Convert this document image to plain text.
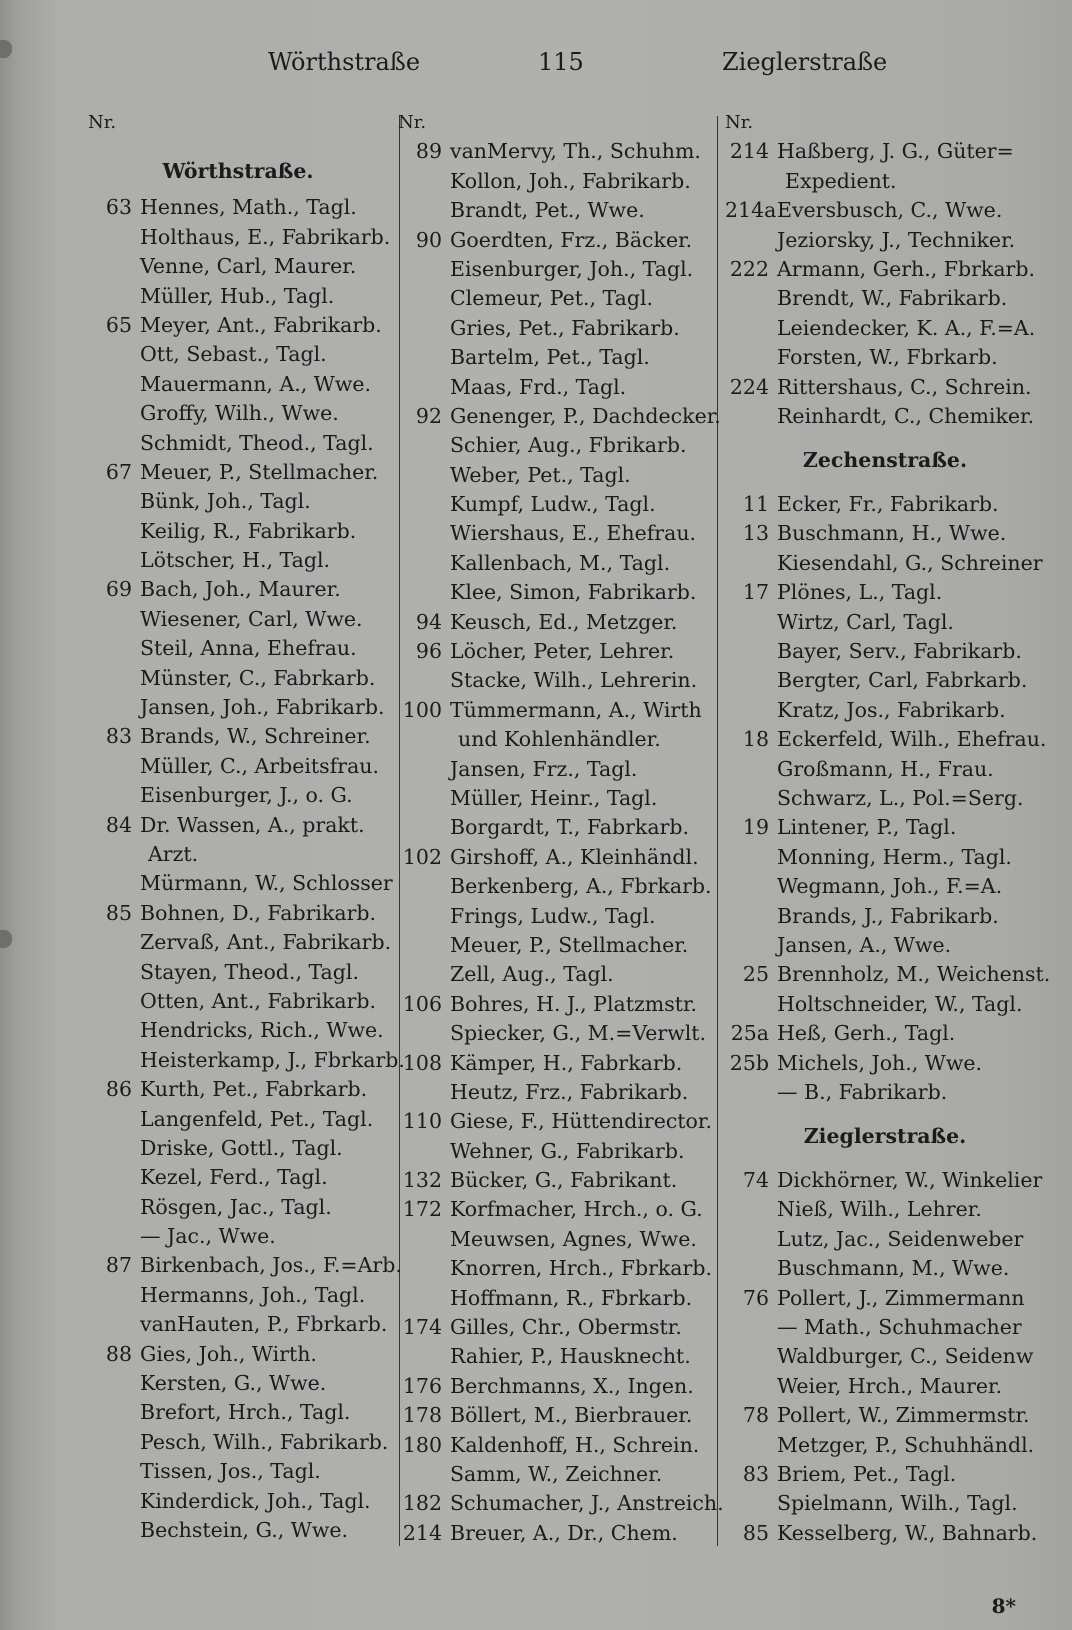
Wörthstraße	115	Zieglerstraße
Nr.
Wörthstraße.
63 Hennes, Math., Tagl.
Holthaus, E., Fabrikarb.
Venne, Carl, Maurer.
Müller, Hub., Tagl.
65 Meyer, Ant., Fabrikarb.
Ott, Sebast., Tagl.
Mauermann, A., Wwe.
Groffy, Wilh., Wwe.
Schmidt, Theod., Tagl.
67 Meuer, P., Stellmacher.
Bünk, Joh., Tagl.
Keilig, R., Fabrikarb.
Lötscher, H., Tagl.
69 Bach, Joh., Maurer.
Wiesener, Carl, Wwe.
Steil, Anna, Ehefrau.
Münster, C., Fabrkarb.
Jansen, Joh., Fabrikarb.
83 Brands, W., Schreiner.
Müller, C., Arbeitsfrau.
Eisenburger, J., o. G.
84 Dr. Wassen, A., prakt.
Arzt.
Mürmann, W., Schlosser
85 Bohnen, D., Fabrikarb.
Zervaß, Ant., Fabrikarb.
Stayen, Theod., Tagl.
Otten, Ant., Fabrikarb.
Hendricks, Rich., Wwe.
Heisterkamp, J., Fbrkarb.
86 Kurth, Pet., Fabrkarb.
Langenfeld, Pet., Tagl.
Driske, Gottl., Tagl.
Kezel, Ferd., Tagl.
Rösgen, Jac., Tagl.
— Jac., Wwe.
87 Birkenbach, Jos., F.=Arb.
Hermanns, Joh., Tagl.
vanHauten, P., Fbrkarb.
88 Gies, Joh., Wirth.
Kersten, G., Wwe.
Brefort, Hrch., Tagl.
Pesch, Wilh., Fabrikarb.
Tissen, Jos., Tagl.
Kinderdick, Joh., Tagl.
Bechstein, G., Wwe.
Nr.
89 vanMervy, Th., Schuhm.
Kollon, Joh., Fabrikarb.
Brandt, Pet., Wwe.
90 Goerdten, Frz., Bäcker.
Eisenburger, Joh., Tagl.
Clemeur, Pet., Tagl.
Gries, Pet., Fabrikarb.
Bartelm, Pet., Tagl.
Maas, Frd., Tagl.
92 Genenger, P., Dachdecker.
Schier, Aug., Fbrikarb.
Weber, Pet., Tagl.
Kumpf, Ludw., Tagl.
Wiershaus, E., Ehefrau.
Kallenbach, M., Tagl.
Klee, Simon, Fabrikarb.
94 Keusch, Ed., Metzger.
96 Löcher, Peter, Lehrer.
Stacke, Wilh., Lehrerin.
100 Tümmermann, A., Wirth
und Kohlenhändler.
Jansen, Frz., Tagl.
Müller, Heinr., Tagl.
Borgardt, T., Fabrkarb.
102 Girshoff, A., Kleinhändl.
Berkenberg, A., Fbrkarb.
Frings, Ludw., Tagl.
Meuer, P., Stellmacher.
Zell, Aug., Tagl.
106 Bohres, H. J., Platzmstr.
Spiecker, G., M.=Verwlt.
108 Kämper, H., Fabrkarb.
Heutz, Frz., Fabrikarb.
110 Giese, F., Hüttendirector.
Wehner, G., Fabrikarb.
132 Bücker, G., Fabrikant.
172 Korfmacher, Hrch., o. G.
Meuwsen, Agnes, Wwe.
Knorren, Hrch., Fbrkarb.
Hoffmann, R., Fbrkarb.
174 Gilles, Chr., Obermstr.
Rahier, P., Hausknecht.
176 Berchmanns, X., Ingen.
178 Böllert, M., Bierbrauer.
180 Kaldenhoff, H., Schrein.
Samm, W., Zeichner.
182 Schumacher, J., Anstreich.
214 Breuer, A., Dr., Chem.
Nr.
214 Haßberg, J. G., Güter=
Expedient.
214a Eversbusch, C., Wwe.
Jeziorsky, J., Techniker.
222 Armann, Gerh., Fbrkarb.
Brendt, W., Fabrikarb.
Leiendecker, K. A., F.=A.
Forsten, W., Fbrkarb.
224 Rittershaus, C., Schrein.
Reinhardt, C., Chemiker.
Zechenstraße.
11 Ecker, Fr., Fabrikarb.
13 Buschmann, H., Wwe.
Kiesendahl, G., Schreiner
17 Plönes, L., Tagl.
Wirtz, Carl, Tagl.
Bayer, Serv., Fabrikarb.
Bergter, Carl, Fabrkarb.
Kratz, Jos., Fabrikarb.
18 Eckerfeld, Wilh., Ehefrau.
Großmann, H., Frau.
Schwarz, L., Pol.=Serg.
19 Lintener, P., Tagl.
Monning, Herm., Tagl.
Wegmann, Joh., F.=A.
Brands, J., Fabrikarb.
Jansen, A., Wwe.
25 Brennholz, M., Weichenst.
Holtschneider, W., Tagl.
25a Heß, Gerh., Tagl.
25b Michels, Joh., Wwe.
— B., Fabrikarb.
Zieglerstraße.
74 Dickhörner, W., Winkelier
Nieß, Wilh., Lehrer.
Lutz, Jac., Seidenweber
Buschmann, M., Wwe.
76 Pollert, J., Zimmermann
— Math., Schuhmacher
Waldburger, C., Seidenw
Weier, Hrch., Maurer.
78 Pollert, W., Zimmermstr.
Metzger, P., Schuhhändl.
83 Briem, Pet., Tagl.
Spielmann, Wilh., Tagl.
85 Kesselberg, W., Bahnarb.
8*
